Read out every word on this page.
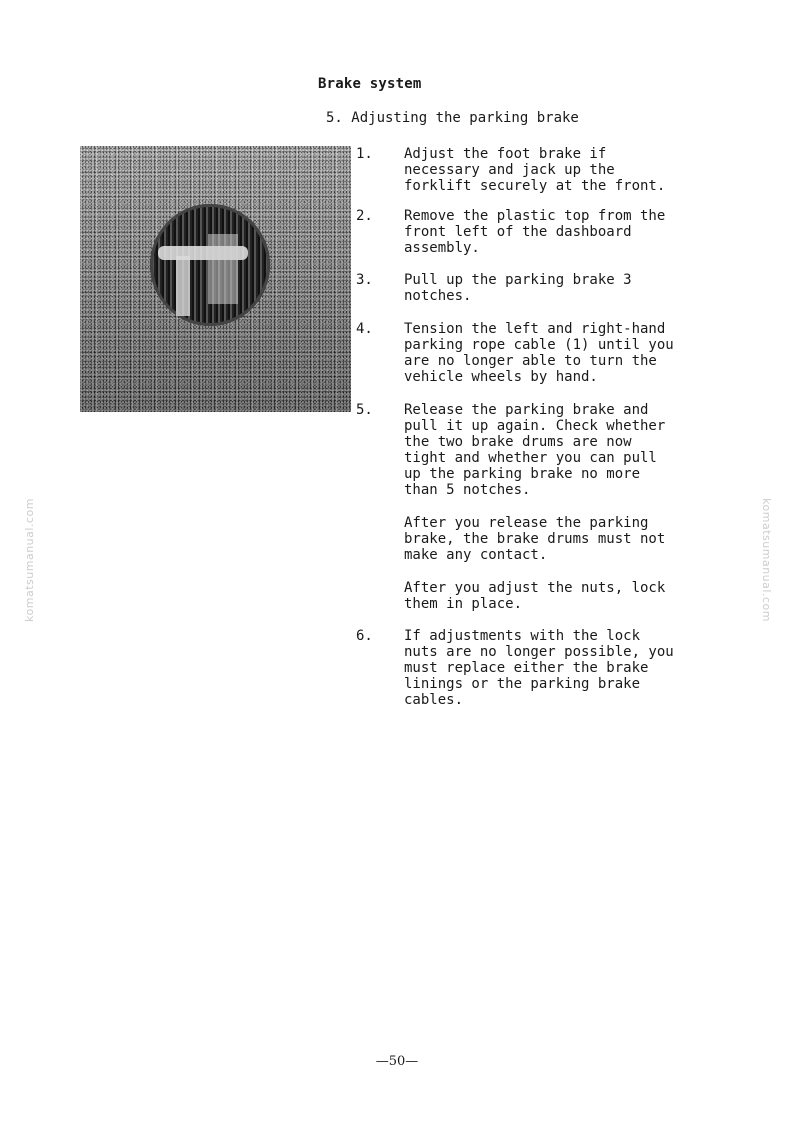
Brake system
5. Adjusting the parking brake
1.	Adjust the foot brake if
necessary and jack up the
forklift securely at the front.
2.	Remove the plastic top from the
front left of the dashboard
assembly.
3.	Pull up the parking brake 3
notches.
4.	Tension the left and right-hand
parking rope cable (1) until you
are no longer able to turn the
vehicle wheels by hand.
5.	Release the parking brake and
pull it up again. Check whether
the two brake drums are now
tight and whether you can pull
up the parking brake no more
than 5 notches.
After you release the parking
brake, the brake drums must not
make any contact.
After you adjust the nuts, lock
them in place.
6.	If adjustments with the lock
nuts are no longer possible, you
must replace either the brake
linings or the parking brake
cables.
komatsumanual.com	komatsumanual.com
—50—
